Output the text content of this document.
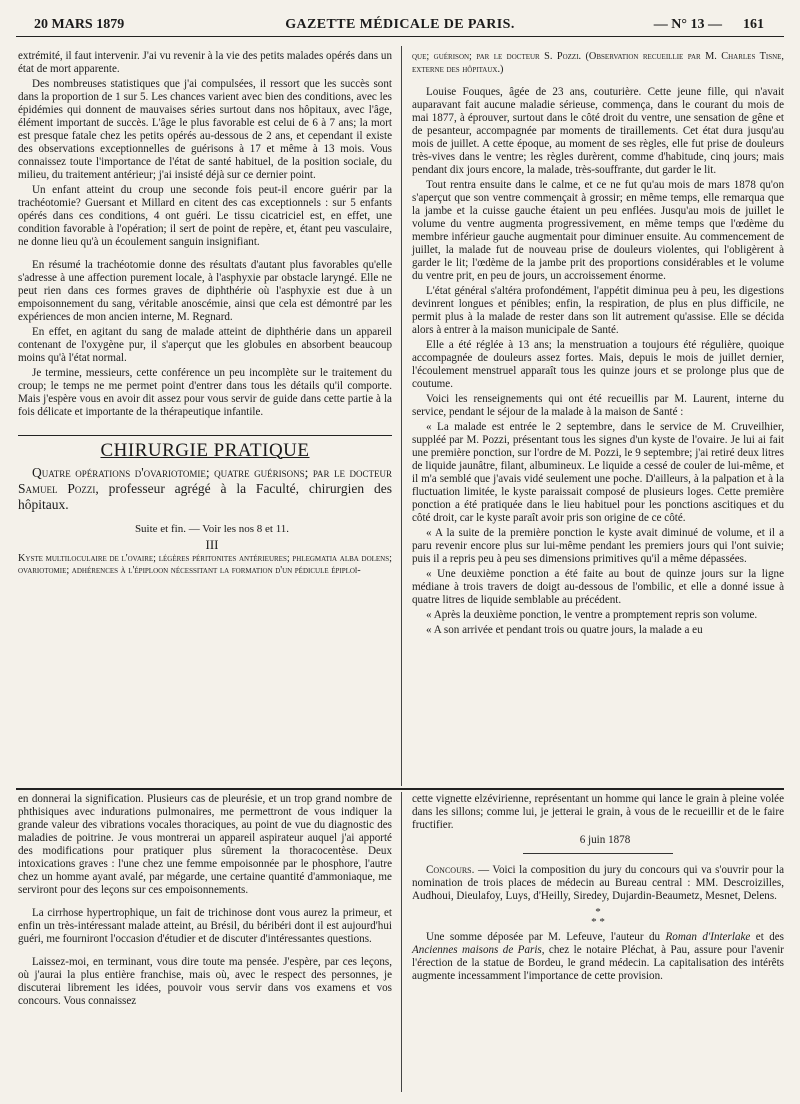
20 MARS 1879	GAZETTE MÉDICALE DE PARIS.	— N° 13 — 161

extrémité, il faut intervenir. J'ai vu revenir à la vie des petits malades opérés dans un état de mort apparente.

Des nombreuses statistiques que j'ai compulsées, il ressort que les succès sont dans la proportion de 1 sur 5. Les chances varient avec bien des conditions, avec les épidémies qui donnent de mauvaises séries surtout dans nos hôpitaux, avec l'âge, élément important de succès. L'âge le plus favorable est celui de 6 à 7 ans; la mort est presque fatale chez les petits opérés au-dessous de 2 ans, et cependant il existe des observations exceptionnelles de guérisons à 17 et même à 13 mois. Vous connaissez toute l'importance de l'état de santé habituel, de la position sociale, du milieu, du traitement antérieur; j'ai insisté déjà sur ce dernier point.

Un enfant atteint du croup une seconde fois peut-il encore guérir par la trachéotomie? Guersant et Millard en citent des cas exceptionnels : sur 5 enfants opérés dans ces conditions, 4 ont guéri. Le tissu cicatriciel est, en effet, une condition favorable à l'opération; il sert de point de repère, et, étant peu vasculaire, ne donne lieu qu'à un écoulement sanguin insignifiant.

En résumé la trachéotomie donne des résultats d'autant plus favorables qu'elle s'adresse à une affection purement locale, à l'asphyxie par obstacle laryngé. Elle ne peut rien dans ces formes graves de diphthérie où l'asphyxie est due à un empoisonnement du sang, véritable anoscémie, ainsi que cela est démontré par les expériences de mon ancien interne, M. Regnard.

En effet, en agitant du sang de malade atteint de diphthérie dans un appareil contenant de l'oxygène pur, il s'aperçut que les globules en absorbent beaucoup moins qu'à l'état normal.

Je termine, messieurs, cette conférence un peu incomplète sur le traitement du croup; le temps ne me permet point d'entrer dans tous les détails qu'il comporte. Mais j'espère vous en avoir dit assez pour vous servir de guide dans cette partie à la fois délicate et importante de la thérapeutique infantile.

CHIRURGIE PRATIQUE

Quatre opérations d'ovariotomie; quatre guérisons; par le docteur Samuel Pozzi, professeur agrégé à la Faculté, chirurgien des hôpitaux.

Suite et fin. — Voir les nos 8 et 11.

III

Kyste multiloculaire de l'ovaire; légères péritonites antérieures; phlegmatia alba dolens; ovariotomie; adhérences à l'épiploon nécessitant la formation d'un pédicule épiploï-

que; guérison; par le docteur S. Pozzi. (Observation recueillie par M. Charles Tisne, externe des hôpitaux.)

Louise Fouques, âgée de 23 ans, couturière. Cette jeune fille, qui n'avait auparavant fait aucune maladie sérieuse, commença, dans le courant du mois de mai 1877, à éprouver, surtout dans le côté droit du ventre, une sensation de gêne et de pesanteur, accompagnée par moments de tiraillements. Cet état dura jusqu'au mois de juillet. A cette époque, au moment de ses règles, elle fut prise de douleurs très-vives dans le ventre; les règles durèrent, comme d'habitude, cinq jours; mais pendant dix jours encore, la malade, très-souffrante, dut garder le lit.

Tout rentra ensuite dans le calme, et ce ne fut qu'au mois de mars 1878 qu'on s'aperçut que son ventre commençait à grossir; en même temps, elle remarqua que la jambe et la cuisse gauche étaient un peu enflées. Jusqu'au mois de juillet le volume du ventre augmenta progressivement, en même temps que l'œdème du membre inférieur gauche augmentait pour diminuer ensuite. Au commencement de juillet, la malade fut de nouveau prise de douleurs violentes, qui l'obligèrent à garder le lit; l'œdème de la jambe prit des proportions considérables et le volume du ventre prit, en peu de jours, un accroissement énorme.

L'état général s'altéra profondément, l'appétit diminua peu à peu, les digestions devinrent longues et pénibles; enfin, la respiration, de plus en plus difficile, ne permit plus à la malade de rester dans son lit autrement qu'assise. Elle se décida alors à entrer à la maison municipale de Santé.

Elle a été réglée à 13 ans; la menstruation a toujours été régulière, quoique accompagnée de douleurs assez fortes. Mais, depuis le mois de juillet dernier, l'écoulement menstruel apparaît tous les quinze jours et se prolonge plus que de coutume.

Voici les renseignements qui ont été recueillis par M. Laurent, interne du service, pendant le séjour de la malade à la maison de Santé :

« La malade est entrée le 2 septembre, dans le service de M. Cruveilhier, suppléé par M. Pozzi, présentant tous les signes d'un kyste de l'ovaire. Je lui ai fait une première ponction, sur l'ordre de M. Pozzi, le 9 septembre; j'ai retiré deux litres de liquide jaunâtre, filant, albumineux. Le liquide a cessé de couler de lui-même, et il m'a semblé que j'avais vidé seulement une poche. D'ailleurs, à la palpation et à la fluctuation limitée, le kyste paraissait composé de plusieurs loges. Cette première ponction a été pratiquée dans le lieu habituel pour les ponctions ascitiques et du côté droit, car le kyste paraît avoir pris son origine de ce côté.

« A la suite de la première ponction le kyste avait diminué de volume, et il a paru revenir encore plus sur lui-même pendant les premiers jours qui l'ont suivie; puis il a repris peu à peu ses dimensions primitives qu'il a même dépassées.

« Une deuxième ponction a été faite au bout de quinze jours sur la ligne médiane à trois travers de doigt au-dessous de l'ombilic, et elle a donné issue à quatre litres de liquide semblable au précédent.

« Après la deuxième ponction, le ventre a promptement repris son volume.

« A son arrivée et pendant trois ou quatre jours, la malade a eu

en donnerai la signification. Plusieurs cas de pleurésie, et un trop grand nombre de phthisiques avec indurations pulmonaires, me permettront de vous indiquer la grande valeur des vibrations vocales thoraciques, au point de vue du diagnostic des maladies de poitrine. Je vous montrerai un appareil aspirateur auquel j'ai apporté des modifications pour pratiquer plus sûrement la thoracocentèse. Deux intoxications graves : l'une chez une femme empoisonnée par le phosphore, l'autre chez un homme ayant avalé, par mégarde, une certaine quantité d'ammoniaque, me serviront pour des leçons sur ces empoisonnements.

La cirrhose hypertrophique, un fait de trichinose dont vous aurez la primeur, et enfin un très-intéressant malade atteint, au Brésil, du béribéri dont il est aujourd'hui guéri, me fourniront l'occasion d'étudier et de discuter d'intéressantes questions.

Laissez-moi, en terminant, vous dire toute ma pensée. J'espère, par ces leçons, où j'aurai la plus entière franchise, mais où, avec le respect des personnes, je discuterai librement les idées, pouvoir vous servir dans vos examens et vos concours. Vous connaissez

cette vignette elzévirienne, représentant un homme qui lance le grain à pleine volée dans les sillons; comme lui, je jetterai le grain, à vous de le recueillir et de le faire fructifier.

6 juin 1878

Concours. — Voici la composition du jury du concours qui va s'ouvrir pour la nomination de trois places de médecin au Bureau central : MM. Descroizilles, Audhoui, Dieulafoy, Luys, d'Heilly, Siredey, Dujardin-Beaumetz, Mesnet, Delens.

*
* *

Une somme déposée par M. Lefeuve, l'auteur du Roman d'Interlake et des Anciennes maisons de Paris, chez le notaire Pléchat, à Pau, assure pour l'avenir l'érection de la statue de Bordeu, le grand médecin. La capitalisation des intérêts augmente incessamment l'importance de cette provision.
